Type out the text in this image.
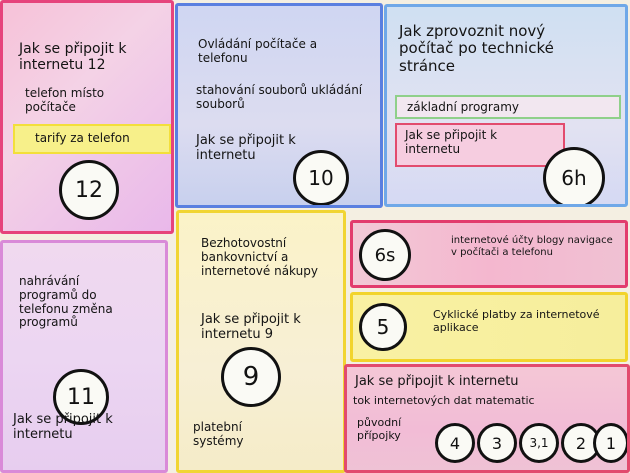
Jak se připojit k internetu 12
telefon místo počítače
tarify za telefon
12
Ovládání počítače a telefonu
stahování souborů ukládání souborů
Jak se připojit k internetu
10
Jak zprovoznit nový počítač po technické stránce
základní programy
Jak se připojit k internetu
6h
nahrávání programů do telefonu změna programů
11
Jak se připojit k internetu
Bezhotovostní bankovnictví a internetové nákupy
Jak se připojit k internetu 9
9
platební systémy
6s
internetové účty blogy navigace v počítači a telefonu
5
Cyklické platby za internetové aplikace
Jak se připojit k internetu
tok internetových dat matematic
původní přípojky	4	3	3,1	2	1
